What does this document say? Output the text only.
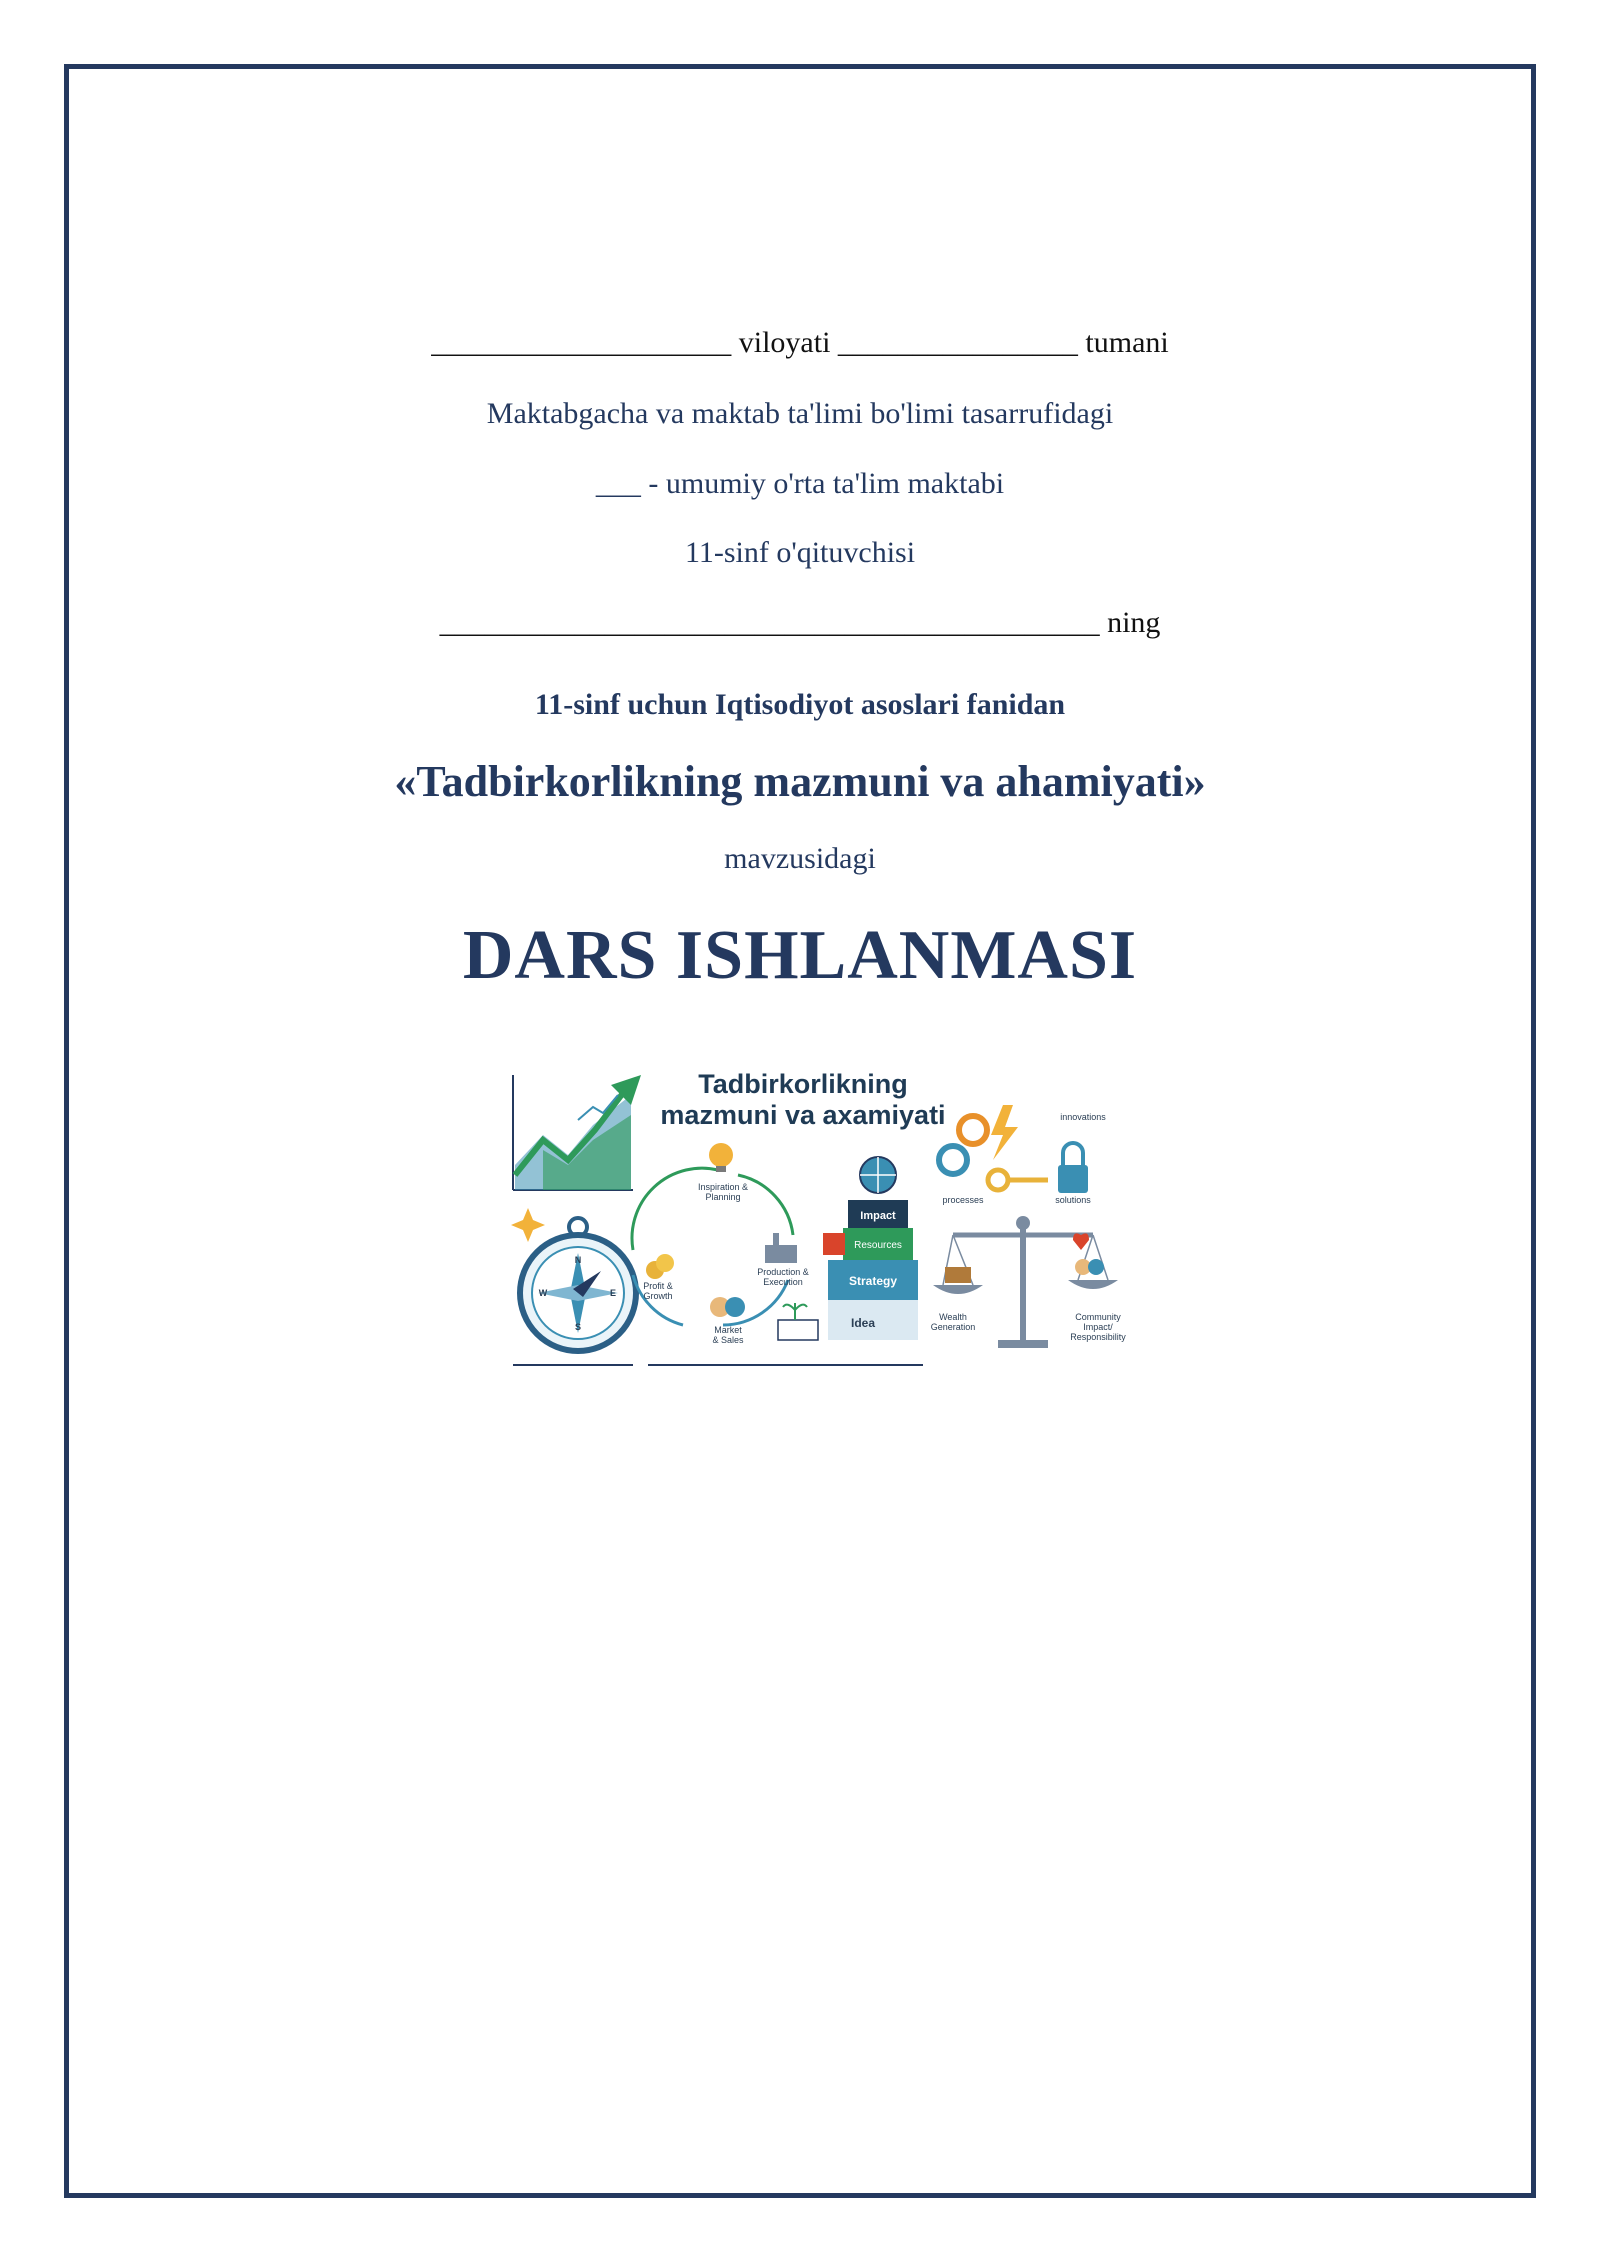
____________________ viloyati ________________ tumani
Maktabgacha va maktab ta'limi bo'limi tasarrufidagi
___ - umumiy o'rta ta'lim maktabi
11-sinf o'qituvchisi
____________________________________________ ning
11-sinf uchun Iqtisodiyot asoslari fanidan
«Tadbirkorlikning mazmuni va ahamiyati»
mavzusidagi
DARS ISHLANMASI
Tadbirkorlikning
mazmuni va axamiyati
N
S
E
W
Inspiration &
Planning
Production &
Execution
Market
& Sales
Profit &
Growth
Impact
Resources
Strategy
Idea
innovations
processes	solutions
Wealth
Generation
Community
Impact/
Responsibility
